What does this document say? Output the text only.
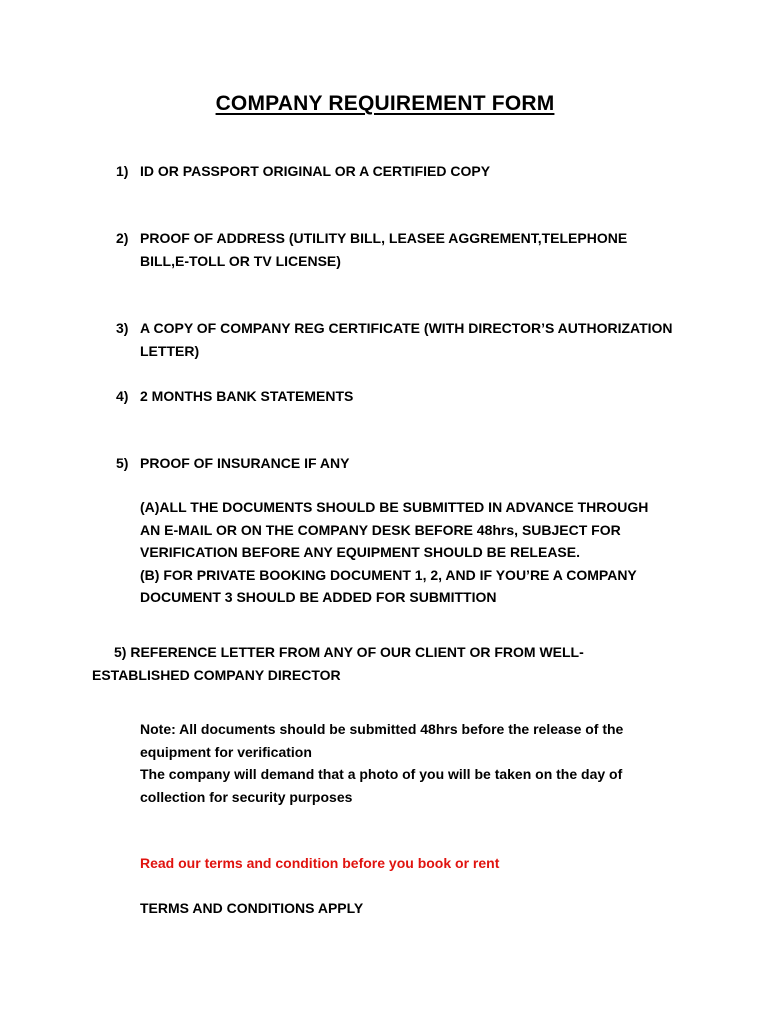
COMPANY REQUIREMENT FORM
1) ID OR PASSPORT ORIGINAL OR A CERTIFIED COPY
2) PROOF OF ADDRESS (UTILITY BILL, LEASEE AGGREMENT,TELEPHONE BILL,E-TOLL OR TV LICENSE)
3) A COPY OF COMPANY REG CERTIFICATE (WITH DIRECTOR’S AUTHORIZATION LETTER)
4) 2 MONTHS BANK STATEMENTS
5) PROOF OF INSURANCE IF ANY
(A)ALL THE DOCUMENTS SHOULD BE SUBMITTED IN ADVANCE THROUGH AN E-MAIL OR ON THE COMPANY DESK BEFORE 48hrs, SUBJECT FOR VERIFICATION BEFORE ANY EQUIPMENT SHOULD BE RELEASE.
(B) FOR PRIVATE BOOKING DOCUMENT 1, 2, AND IF YOU’RE A COMPANY DOCUMENT 3 SHOULD BE ADDED FOR SUBMITTION
5) REFERENCE LETTER FROM ANY OF OUR CLIENT OR FROM WELL-ESTABLISHED COMPANY DIRECTOR
Note: All documents should be submitted 48hrs before the release of the equipment for verification
The company will demand that a photo of you will be taken on the day of collection for security purposes
Read our terms and condition before you book or rent
TERMS AND CONDITIONS APPLY
